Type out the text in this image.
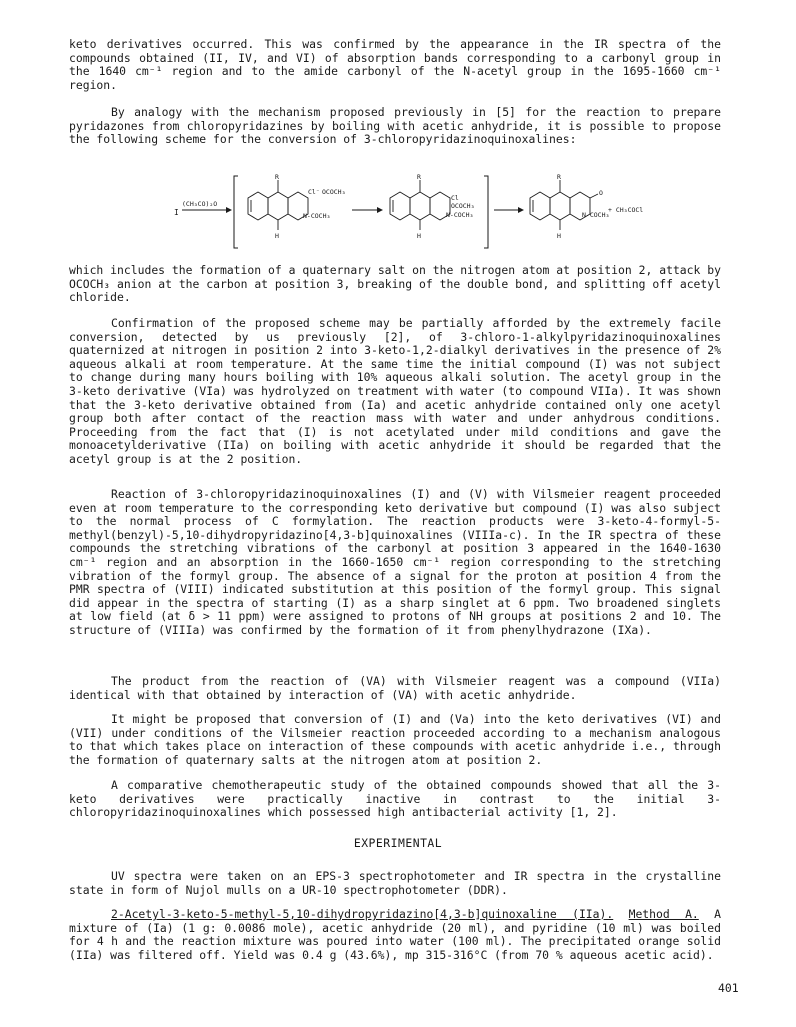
keto derivatives occurred. This was confirmed by the appearance in the IR spectra of the compounds obtained (II, IV, and VI) of absorption bands corresponding to a carbonyl group in the 1640 cm⁻¹ region and to the amide carbonyl of the N-acetyl group in the 1695-1660 cm⁻¹ region.

By analogy with the mechanism proposed previously in [5] for the reaction to prepare pyridazones from chloropyridazines by boiling with acetic anhydride, it is possible to propose the following scheme for the conversion of 3-chloropyridazinoquinoxalines:

I
(CH₃CO)₂O
R
H
Cl⁻ OCOCH₃
N-COCH₃
R
H
Cl
OCOCH₃
N-COCH₃
R
H
O
N-COCH₃
+ CH₃COCl

which includes the formation of a quaternary salt on the nitrogen atom at position 2, attack by OCOCH₃ anion at the carbon at position 3, breaking of the double bond, and splitting off acetyl chloride.

Confirmation of the proposed scheme may be partially afforded by the extremely facile conversion, detected by us previously [2], of 3-chloro-1-alkylpyridazinoquinoxalines quaternized at nitrogen in position 2 into 3-keto-1,2-dialkyl derivatives in the presence of 2% aqueous alkali at room temperature. At the same time the initial compound (I) was not subject to change during many hours boiling with 10% aqueous alkali solution. The acetyl group in the 3-keto derivative (VIa) was hydrolyzed on treatment with water (to compound VIIa). It was shown that the 3-keto derivative obtained from (Ia) and acetic anhydride contained only one acetyl group both after contact of the reaction mass with water and under anhydrous conditions. Proceeding from the fact that (I) is not acetylated under mild conditions and gave the monoacetylderivative (IIa) on boiling with acetic anhydride it should be regarded that the acetyl group is at the 2 position.

Reaction of 3-chloropyridazinoquinoxalines (I) and (V) with Vilsmeier reagent proceeded even at room temperature to the corresponding keto derivative but compound (I) was also subject to the normal process of C formylation. The reaction products were 3-keto-4-formyl-5-methyl(benzyl)-5,10-dihydropyridazino[4,3-b]quinoxalines (VIIIa-c). In the IR spectra of these compounds the stretching vibrations of the carbonyl at position 3 appeared in the 1640-1630 cm⁻¹ region and an absorption in the 1660-1650 cm⁻¹ region corresponding to the stretching vibration of the formyl group. The absence of a signal for the proton at position 4 from the PMR spectra of (VIII) indicated substitution at this position of the formyl group. This signal did appear in the spectra of starting (I) as a sharp singlet at 6 ppm. Two broadened singlets at low field (at δ > 11 ppm) were assigned to protons of NH groups at positions 2 and 10. The structure of (VIIIa) was confirmed by the formation of it from phenylhydrazone (IXa).

The product from the reaction of (VA) with Vilsmeier reagent was a compound (VIIa) identical with that obtained by interaction of (VA) with acetic anhydride.

It might be proposed that conversion of (I) and (Va) into the keto derivatives (VI) and (VII) under conditions of the Vilsmeier reaction proceeded according to a mechanism analogous to that which takes place on interaction of these compounds with acetic anhydride i.e., through the formation of quaternary salts at the nitrogen atom at position 2.

A comparative chemotherapeutic study of the obtained compounds showed that all the 3-keto derivatives were practically inactive in contrast to the initial 3-chloropyridazinoquinoxalines which possessed high antibacterial activity [1, 2].

EXPERIMENTAL

UV spectra were taken on an EPS-3 spectrophotometer and IR spectra in the crystalline state in form of Nujol mulls on a UR-10 spectrophotometer (DDR).

2-Acetyl-3-keto-5-methyl-5,10-dihydropyridazino[4,3-b]quinoxaline (IIa). Method A. A mixture of (Ia) (1 g: 0.0086 mole), acetic anhydride (20 ml), and pyridine (10 ml) was boiled for 4 h and the reaction mixture was poured into water (100 ml). The precipitated orange solid (IIa) was filtered off. Yield was 0.4 g (43.6%), mp 315-316°C (from 70 % aqueous acetic acid).

401
